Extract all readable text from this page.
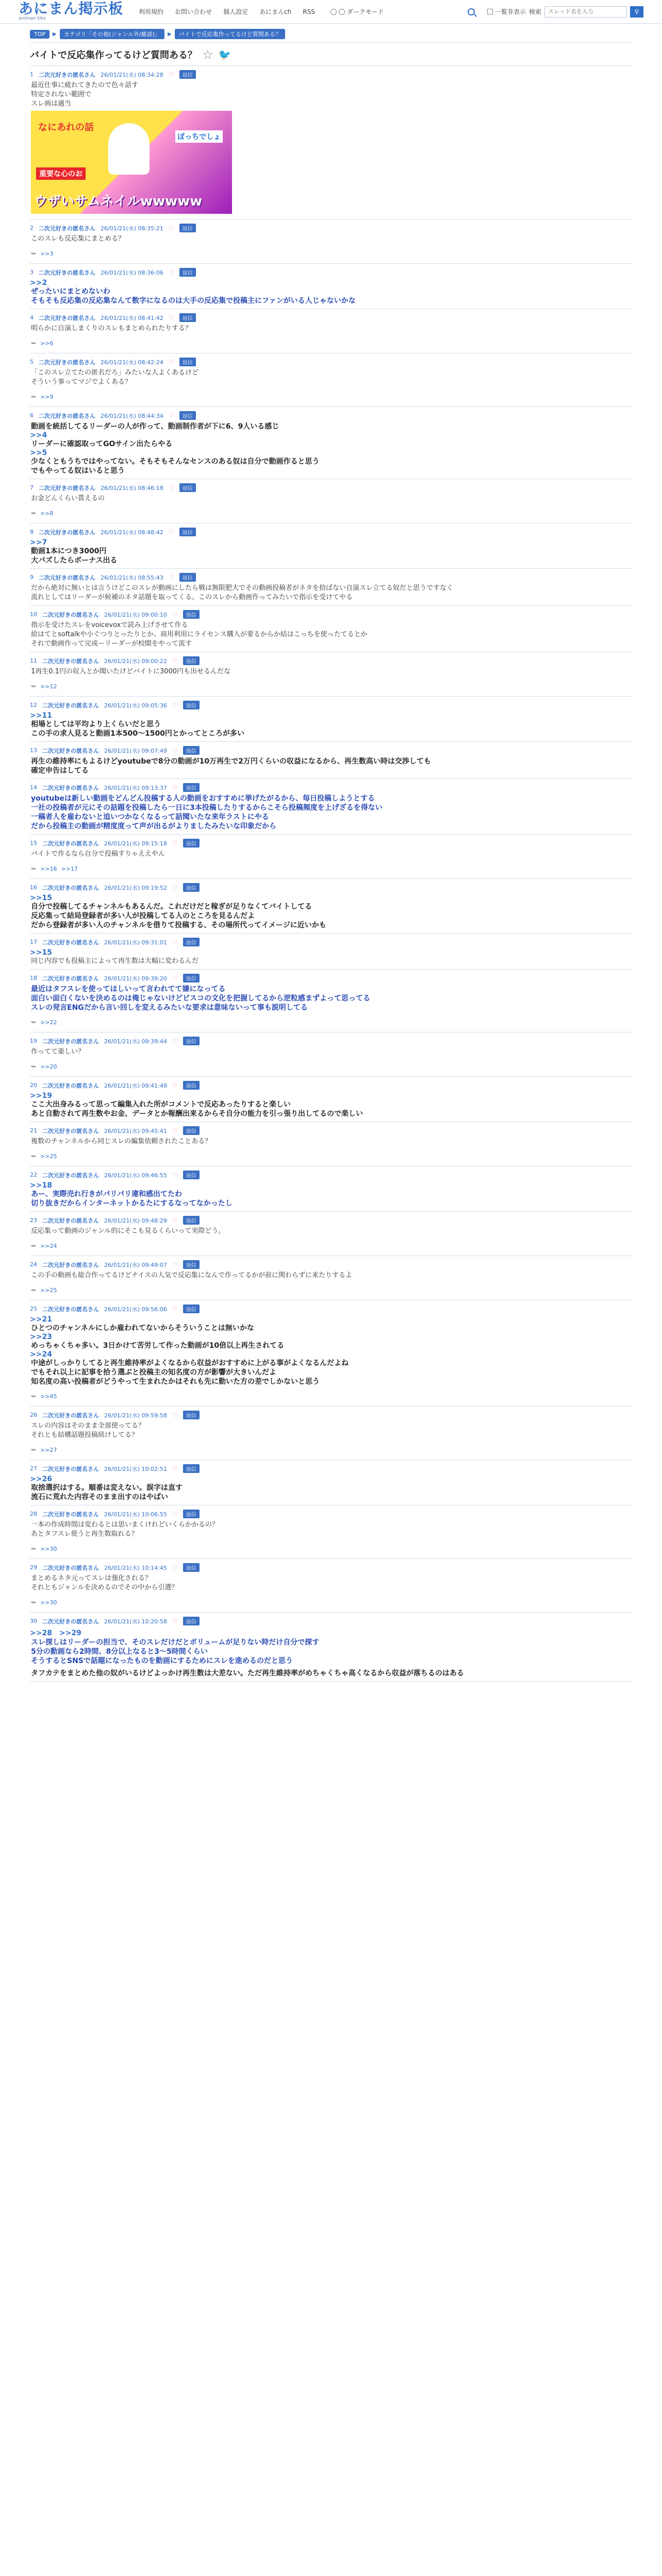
あにまん掲示板
animan bbs
利用規約 お問い合わせ 個人設定 あにまんch RSS	ダークモード	一覧非表示 検索
スレッド名を入力	⚲
TOP	▶	カテゴリ「その他(ジャンル外/雑談)」	▶	バイトで反応集作ってるけど質問ある？
バイトで反応集作ってるけど質問ある？ ☆ 🐦
1 二次元好きの匿名さん 26/01/21(水) 08:34:28 ♡	返信
最近仕事に疲れてきたので色々話す
特定されない範囲で
スレ画は適当
なにあれの話
ぼっちでしょ
重要な心のお
ウザいサムネイルwwwww
2 二次元好きの匿名さん 26/01/21(水) 08:35:21 ♡	返信
このスレも反応集にまとめる？
➥ >>3
3 二次元好きの匿名さん 26/01/21(水) 08:36:06 ♡	返信
>>2
ぜったいにまとめないわ
そもそも反応集の反応集なんて数字になるのは大手の反応集で投稿主にファンがいる人じゃないかな
4 二次元好きの匿名さん 26/01/21(水) 08:41:42 ♡	返信
明らかに自演しまくりのスレもまとめられたりする？
➥ >>6
5 二次元好きの匿名さん 26/01/21(水) 08:42:24 ♡	返信
「このスレ立てたの匿名だろ」みたいな人よくあるけど
そういう事ってマジでよくある？
➥ >>9
6 二次元好きの匿名さん 26/01/21(水) 08:44:34 ♡	返信
動画を統括してるリーダーの人が作って、動画制作者が下に6、9人いる感じ
>>4
リーダーに確認取ってGOサイン出たらやる
>>5
少なくともうちではやってない。そもそもそんなセンスのある奴は自分で動画作ると思う
でもやってる奴はいると思う
7 二次元好きの匿名さん 26/01/21(水) 08:46:18 ♡	返信
お金どんくらい貰えるの
➥ >>8
8 二次元好きの匿名さん 26/01/21(水) 08:48:42 ♡	返信
>>7
動画1本につき3000円
大バズしたらボーナス出る
9 二次元好きの匿名さん 26/01/21(水) 08:55:43 ♡	返信
だから絶対に無いとは言うけどこのスレが動画にしたら戦は無限肥大でその動画投稿者がネタを拾ばない自演スレ立てる奴だと思うですなく
流れとしてはリーダーが候補のネタ話題を取ってくる。このスレから動画作ってみたいで指示を受けてやる
10 二次元好きの匿名さん 26/01/21(水) 09:00:10 ♡	返信
指示を受けたスレをvoicevoxで読み上げさせて作る
絵はてとsoftalkや小ぐつりとったりとか、商用利用にライセンス購入が要るからか結はこっちを使ったてるとか
それで動画作って完成ーリーダーが校閲をやって流す
11 二次元好きの匿名さん 26/01/21(水) 09:00:22 ♡	返信
1再生0.1円の収入とか聞いたけどバイトに3000円も出せるんだな
➥ >>12
12 二次元好きの匿名さん 26/01/21(水) 09:05:36 ♡	返信
>>11
相場としては平均より上くらいだと思う
この手の求人見ると動画1本500〜1500円とかってところが多い
13 二次元好きの匿名さん 26/01/21(水) 09:07:49 ♡	返信
再生の維持率にもよるけどyoutubeで8分の動画が10万再生で2万円くらいの収益になるから、再生数高い時は交渉しても
確定申告はしてる
14 二次元好きの匿名さん 26/01/21(水) 09:13:37 ♡	返信
youtubeは新しい動画をどんどん投稿する人の動画をおすすめに挙げたがるから、毎日投稿しようとする
一社の投稿者が元にその話題を投稿したら一日に3本投稿したりするからこそら投稿頻度を上げざるを得ない
一稿者人を雇わないと追いつかなくなるって話聞いたな来年ラストにやる
だから投稿主の動画が精度度って声が出るがよりましたみたいな印象だから
15 二次元好きの匿名さん 26/01/21(水) 09:15:18 ♡	返信
バイトで作るなら自分で投稿すりゃええやん
➥ >>16 >>17
16 二次元好きの匿名さん 26/01/21(水) 09:19:52 ♡	返信
>>15
自分で投稿してるチャンネルもあるんだ。これだけだと稼ぎが足りなくてバイトしてる
反応集って結局登録者が多い人が投稿してる人のところを見るんだよ
だから登録者が多い人のチャンネルを借りて投稿する、その場所代ってイメージに近いかも
17 二次元好きの匿名さん 26/01/21(水) 09:31:01 ♡	返信
>>15
同じ内容でも投稿主によって再生数は大幅に変わるんだ
18 二次元好きの匿名さん 26/01/21(水) 09:39:20 ♡	返信
最近はタフスレを使ってほしいって言われてて嫌になってる
面白い面白くないを決めるのは俺じゃないけどビスコの文化を把握してるから逆粒感まずよって思ってる
スレの発言ENGだから言い回しを変えるみたいな要求は意味ないって事も説明してる
➥ >>22
19 二次元好きの匿名さん 26/01/21(水) 09:39:44 ♡	返信
作ってて楽しい？
➥ >>20
20 二次元好きの匿名さん 26/01/21(水) 09:41:49 ♡	返信
>>19
ここ大出身みるって思って編集入れた所がコメントで反応あったりすると楽しい
あと自動されて再生数やお金、データとか報酬出来るからそ自分の能力を引っ張り出してるので楽しい
21 二次元好きの匿名さん 26/01/21(水) 09:45:41 ♡	返信
複数のチャンネルから同じスレの編集依頼されたことある？
➥ >>25
22 二次元好きの匿名さん 26/01/21(水) 09:46:55 ♡	返信
>>18
あー、実際売れ行きがパリパリ違和感出てたわ
切り抜きだからインターネットかるたにするなってなかったし
23 二次元好きの匿名さん 26/01/21(水) 09:48:29 ♡	返信
反応集って動画のジャンル的にそこも見るくらいって実際どう。
➥ >>24
24 二次元好きの匿名さん 26/01/21(水) 09:49:07 ♡	返信
この手の動画も総合作ってるけどナイスの人気で反応集になんで作ってるかが前に関わらずに来たりするよ
➥ >>25
25 二次元好きの匿名さん 26/01/21(水) 09:56:06 ♡	返信
>>21
ひとつのチャンネルにしか雇われてないからそういうことは無いかな
>>23
めっちゃくちゃ多い。3日かけて苦労して作った動画が10倍以上再生されてる
>>24
中途がしっかりしてると再生維持率がよくなるから収益がおすすめに上がる事がよくなるんだよね
でもそれ以上に記事を拾う選ぶと投稿主の知名度の方が影響が大きいんだよ
知名度の高い投稿者がどうやって生まれたかはそれも先に動いた方の差でしかないと思う
➥ >>45
26 二次元好きの匿名さん 26/01/21(水) 09:59:58 ♡	返信
スレの内容はそのまま全部使ってる？
それとも結構話題投稿続けしてる？
➥ >>27
27 二次元好きの匿名さん 26/01/21(水) 10:02:51 ♡	返信
>>26
取捨選択はする。順番は変えない。誤字は直す
流石に荒れた内容そのまま出すのはやばい
28 二次元好きの匿名さん 26/01/21(水) 10:06:55 ♡	返信
一本の作成時間は変わるとは思いまくけれどいくらかかるの？
あとタフスレ使うと再生数取れる？
➥ >>30
29 二次元好きの匿名さん 26/01/21(水) 10:14:45 ♡	返信
まとめるネタ元ってスレは強化される？
それともジャンルを決めるのでその中から引選？
➥ >>30
30 二次元好きの匿名さん 26/01/21(水) 10:20:58 ♡	返信
>>28　>>29
スレ探しはリーダーの担当で、そのスレだけだとボリュームが足りない時だけ自分で探す
5分の動画なら2時間、8分以上なると3〜5時間くらい
そうするとSNSで話題になったものを動画にするためにスレを進めるのだと思う
タフカテをまとめた他の奴がいるけどよっかけ再生数は大差ない。ただ再生維持率がめちゃくちゃ高くなるから収益が落ちるのはある
